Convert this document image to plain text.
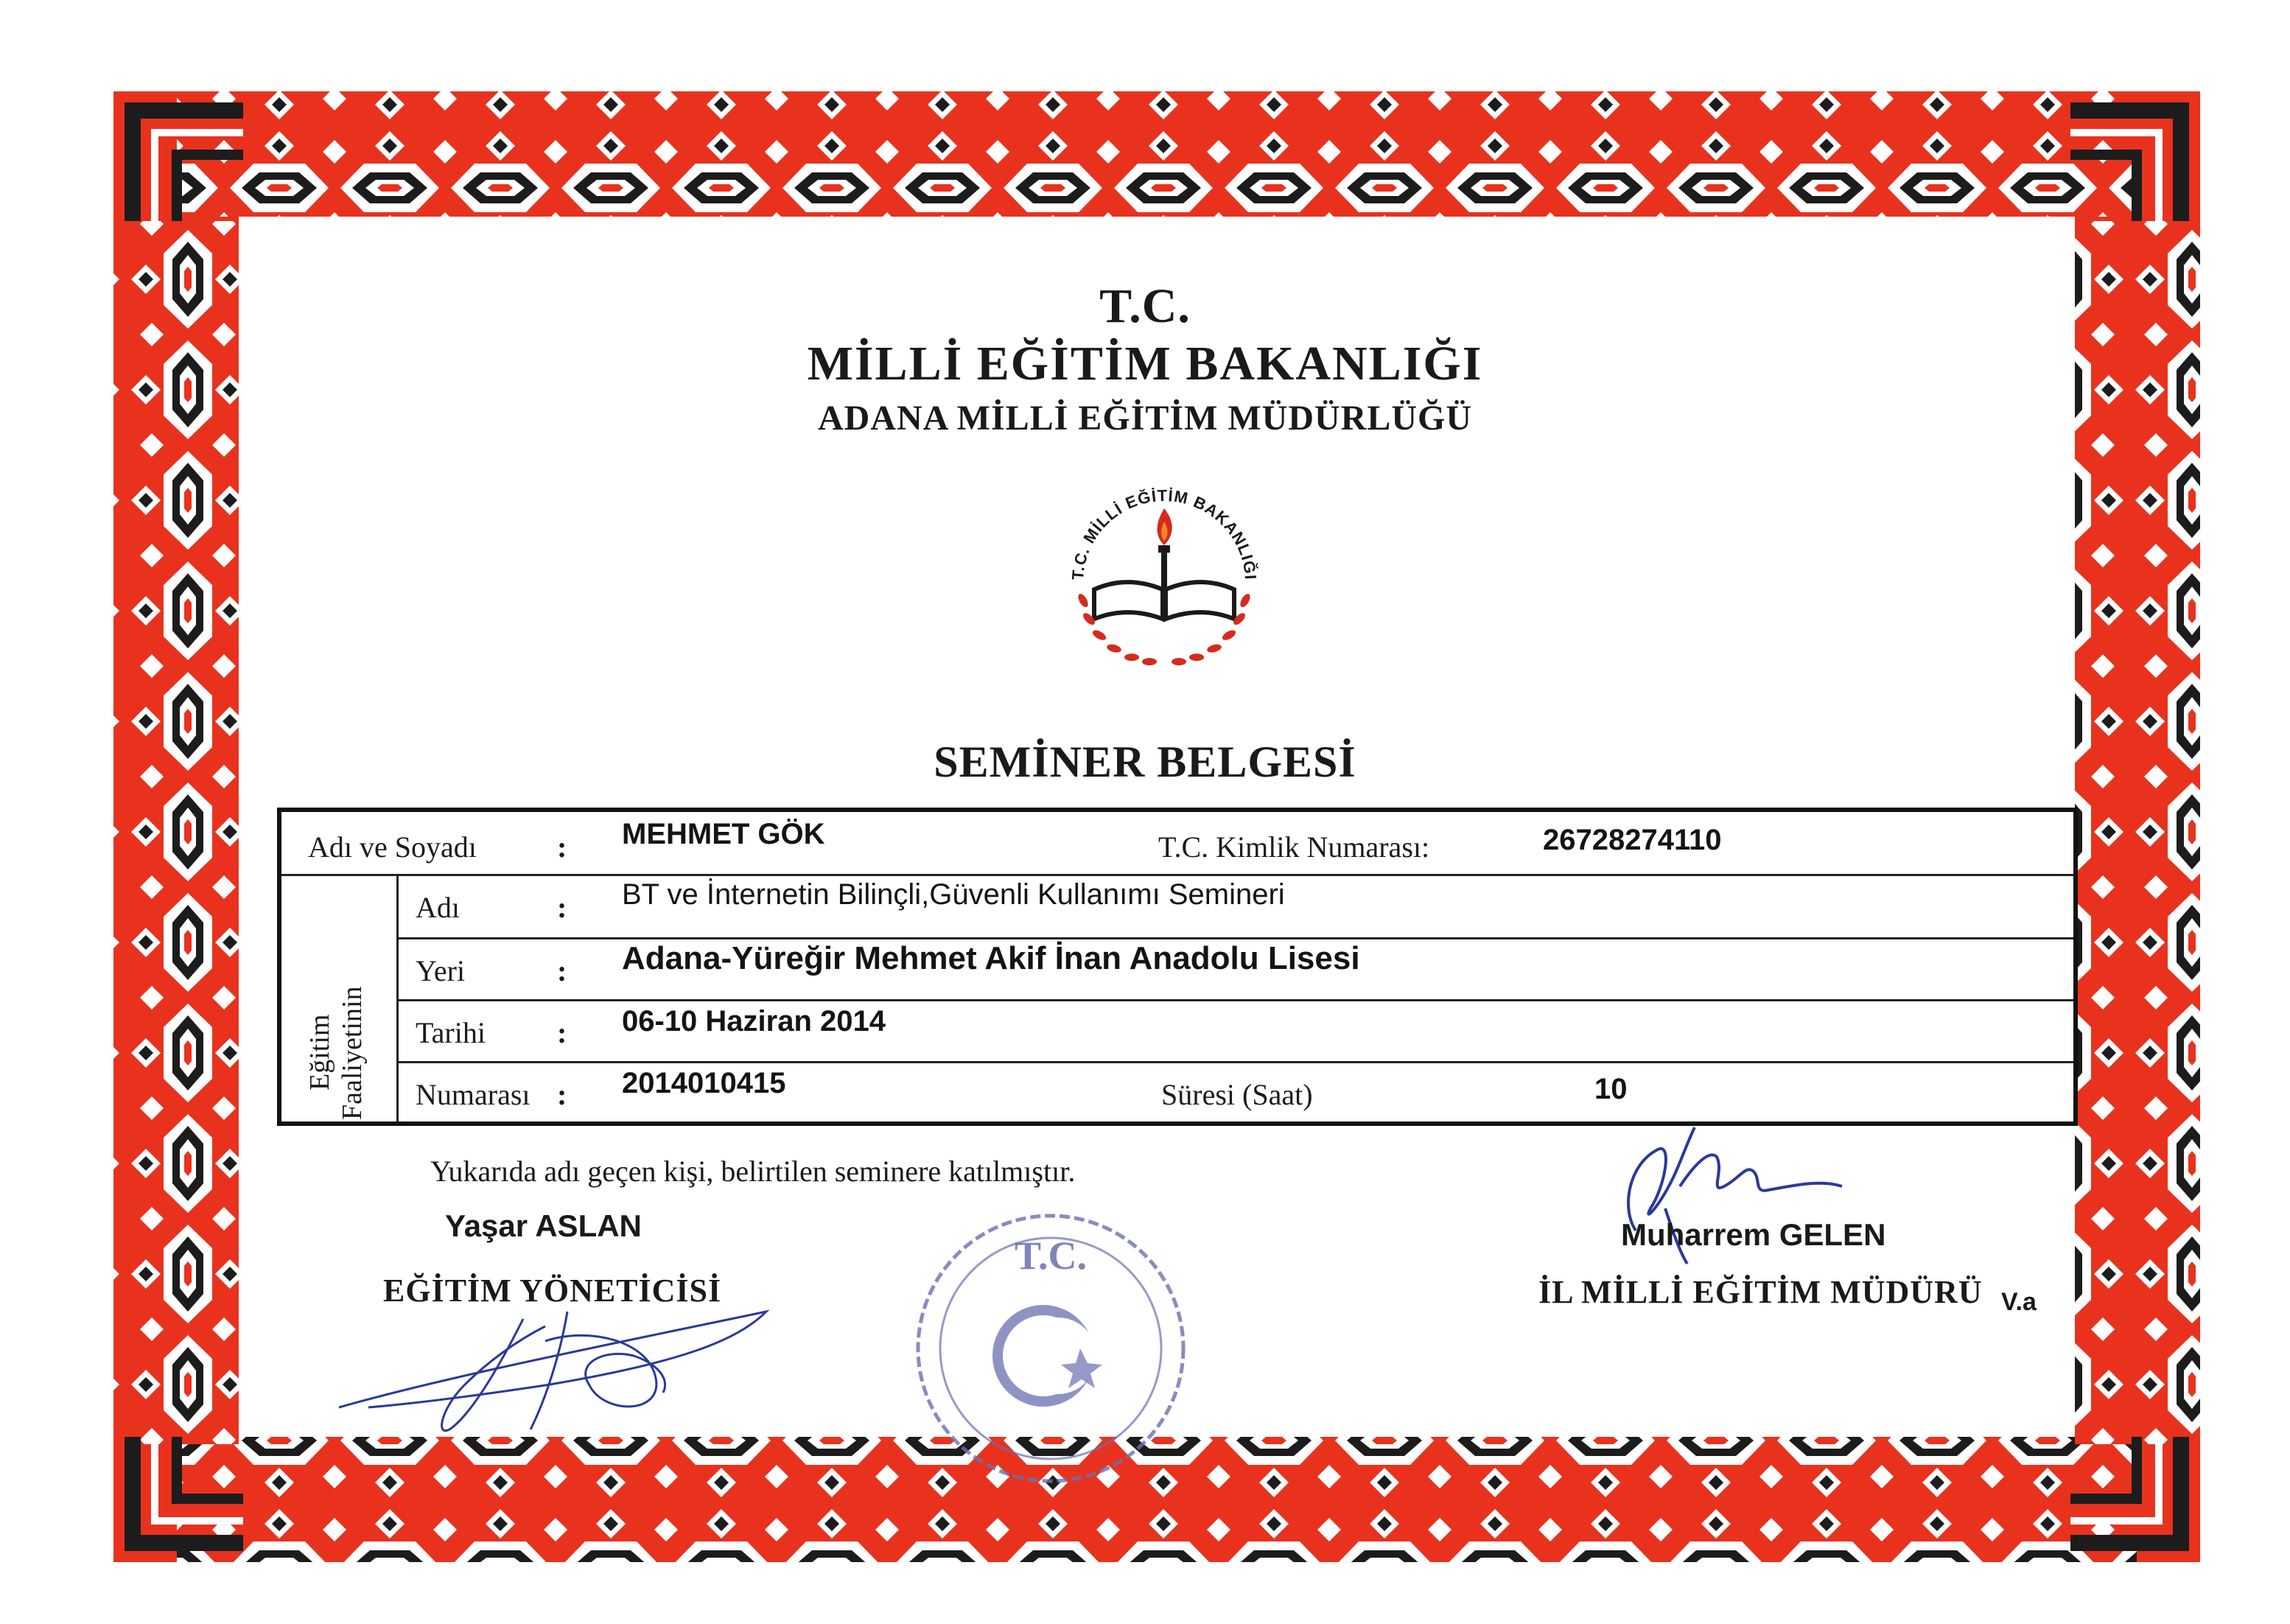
T.C.
MİLLİ EĞİTİM BAKANLIĞI
ADANA MİLLİ EĞİTİM MÜDÜRLÜĞÜ
T.C. MİLLİ EĞİTİM BAKANLIĞI
SEMİNER BELGESİ
Adı ve Soyadı	: MEHMET GÖK	T.C. Kimlik Numarası:	26728274110
Eğitim Faaliyetinin
Adı	: BT ve İnternetin Bilinçli,Güvenli Kullanımı Semineri
Yeri	: Adana-Yüreğir Mehmet Akif İnan Anadolu Lisesi
Tarihi : 06-10 Haziran 2014
Numarası : 2014010415	Süresi (Saat)	10
Yukarıda adı geçen kişi, belirtilen seminere katılmıştır.
Yaşar ASLAN
EĞİTİM YÖNETİCİSİ
T.C.	Muharrem GELEN
İL MİLLİ EĞİTİM MÜDÜRÜ V.a
